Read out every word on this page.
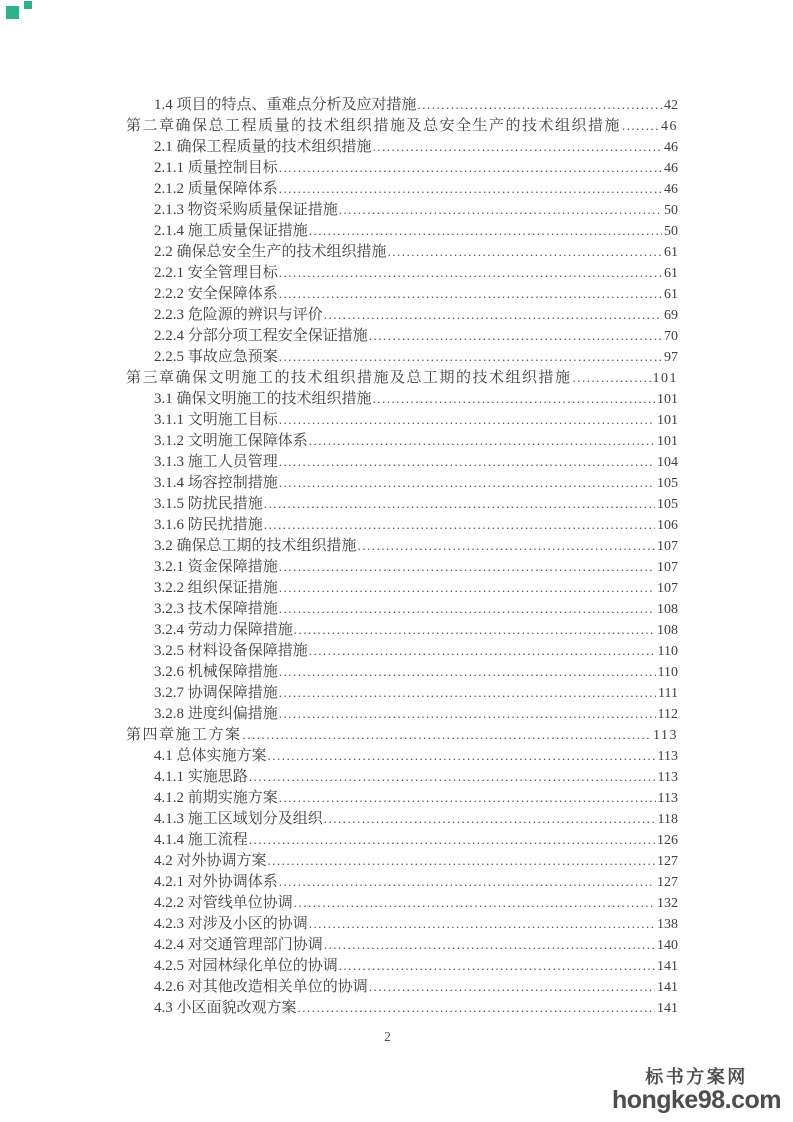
1.4 项目的特点、重难点分析及应对措施 .....	42
第二章确保总工程质量的技术组织措施及总安全生产的技术组织措施 .....	46
2.1 确保工程质量的技术组织措施 .....	46
2.1.1 质量控制目标 .....	46
2.1.2 质量保障体系 .....	46
2.1.3 物资采购质量保证措施 .....	50
2.1.4 施工质量保证措施 .....	50
2.2 确保总安全生产的技术组织措施 .....	61
2.2.1 安全管理目标 .....	61
2.2.2 安全保障体系 .....	61
2.2.3 危险源的辨识与评价 .....	69
2.2.4 分部分项工程安全保证措施 .....	70
2.2.5 事故应急预案 .....	97
第三章确保文明施工的技术组织措施及总工期的技术组织措施 .....	101
3.1 确保文明施工的技术组织措施 .....	101
3.1.1 文明施工目标 .....	101
3.1.2 文明施工保障体系 .....	101
3.1.3 施工人员管理 .....	104
3.1.4 场容控制措施 .....	105
3.1.5 防扰民措施 .....	105
3.1.6 防民扰措施 .....	106
3.2 确保总工期的技术组织措施 .....	107
3.2.1 资金保障措施 .....	107
3.2.2 组织保证措施 .....	107
3.2.3 技术保障措施 .....	108
3.2.4 劳动力保障措施 .....	108
3.2.5 材料设备保障措施 .....	110
3.2.6 机械保障措施 .....	110
3.2.7 协调保障措施 .....	111
3.2.8 进度纠偏措施 .....	112
第四章施工方案 .....	113
4.1 总体实施方案 .....	113
4.1.1 实施思路 .....	113
4.1.2 前期实施方案 .....	113
4.1.3 施工区域划分及组织 .....	118
4.1.4 施工流程 .....	126
4.2 对外协调方案 .....	127
4.2.1 对外协调体系 .....	127
4.2.2 对管线单位协调 .....	132
4.2.3 对涉及小区的协调 .....	138
4.2.4 对交通管理部门协调 .....	140
4.2.5 对园林绿化单位的协调 .....	141
4.2.6 对其他改造相关单位的协调 .....	141
4.3 小区面貌改观方案 .....	141
2
标书方案网
hongke98.com
